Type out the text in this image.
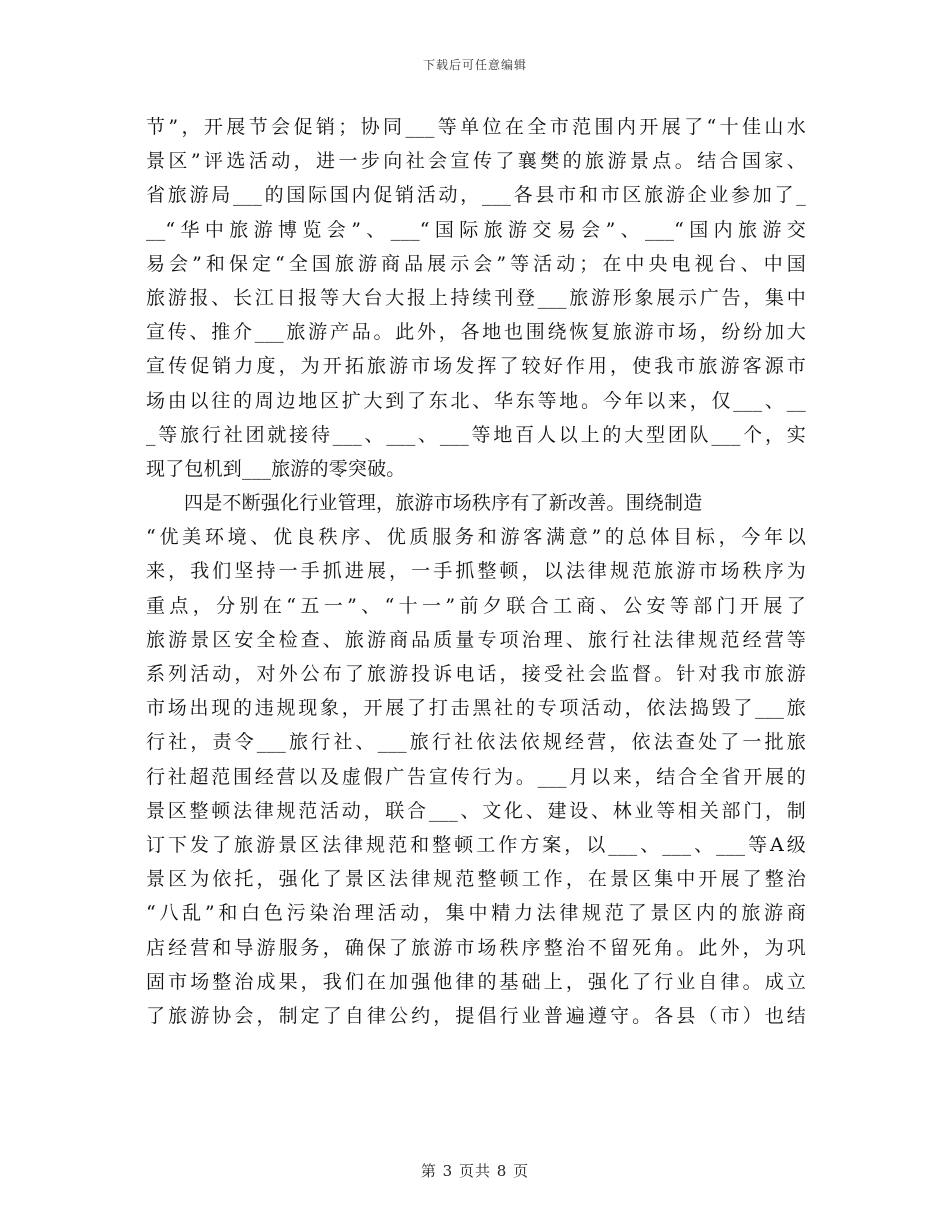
下载后可任意编辑
节”，开展节会促销；协同___等单位在全市范围内开展了“十佳山水
景区”评选活动，进一步向社会宣传了襄樊的旅游景点。结合国家、
省旅游局___的国际国内促销活动，___各县市和市区旅游企业参加了_
__“华中旅游博览会”、___“国际旅游交易会”、___“国内旅游交
易会”和保定“全国旅游商品展示会”等活动；在中央电视台、中国
旅游报、长江日报等大台大报上持续刊登___旅游形象展示广告，集中
宣传、推介___旅游产品。此外，各地也围绕恢复旅游市场，纷纷加大
宣传促销力度，为开拓旅游市场发挥了较好作用，使我市旅游客源市
场由以往的周边地区扩大到了东北、华东等地。今年以来，仅___、__
_等旅行社团就接待___、___、___等地百人以上的大型团队___个，实
现了包机到___旅游的零突破。
四是不断强化行业管理，旅游市场秩序有了新改善。围绕制造
“优美环境、优良秩序、优质服务和游客满意”的总体目标，今年以
来，我们坚持一手抓进展，一手抓整顿，以法律规范旅游市场秩序为
重点，分别在“五一”、“十一”前夕联合工商、公安等部门开展了
旅游景区安全检查、旅游商品质量专项治理、旅行社法律规范经营等
系列活动，对外公布了旅游投诉电话，接受社会监督。针对我市旅游
市场出现的违规现象，开展了打击黑社的专项活动，依法捣毁了___旅
行社，责令___旅行社、___旅行社依法依规经营，依法查处了一批旅
行社超范围经营以及虚假广告宣传行为。___月以来，结合全省开展的
景区整顿法律规范活动，联合___、文化、建设、林业等相关部门，制
订下发了旅游景区法律规范和整顿工作方案，以___、___、___等A级
景区为依托，强化了景区法律规范整顿工作，在景区集中开展了整治
“八乱”和白色污染治理活动，集中精力法律规范了景区内的旅游商
店经营和导游服务，确保了旅游市场秩序整治不留死角。此外，为巩
固市场整治成果，我们在加强他律的基础上，强化了行业自律。成立
了旅游协会，制定了自律公约，提倡行业普遍遵守。各县（市）也结
第 3 页共 8 页
